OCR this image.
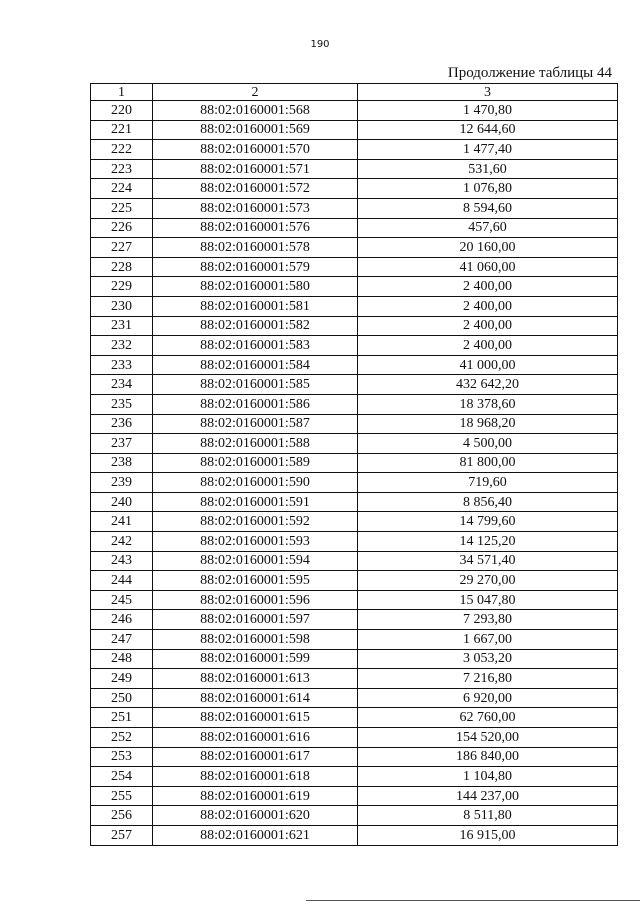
190
Продолжение таблицы 44
1	2	3
220	88:02:0160001:568	1 470,80
221	88:02:0160001:569	12 644,60
222	88:02:0160001:570	1 477,40
223	88:02:0160001:571	531,60
224	88:02:0160001:572	1 076,80
225	88:02:0160001:573	8 594,60
226	88:02:0160001:576	457,60
227	88:02:0160001:578	20 160,00
228	88:02:0160001:579	41 060,00
229	88:02:0160001:580	2 400,00
230	88:02:0160001:581	2 400,00
231	88:02:0160001:582	2 400,00
232	88:02:0160001:583	2 400,00
233	88:02:0160001:584	41 000,00
234	88:02:0160001:585	432 642,20
235	88:02:0160001:586	18 378,60
236	88:02:0160001:587	18 968,20
237	88:02:0160001:588	4 500,00
238	88:02:0160001:589	81 800,00
239	88:02:0160001:590	719,60
240	88:02:0160001:591	8 856,40
241	88:02:0160001:592	14 799,60
242	88:02:0160001:593	14 125,20
243	88:02:0160001:594	34 571,40
244	88:02:0160001:595	29 270,00
245	88:02:0160001:596	15 047,80
246	88:02:0160001:597	7 293,80
247	88:02:0160001:598	1 667,00
248	88:02:0160001:599	3 053,20
249	88:02:0160001:613	7 216,80
250	88:02:0160001:614	6 920,00
251	88:02:0160001:615	62 760,00
252	88:02:0160001:616	154 520,00
253	88:02:0160001:617	186 840,00
254	88:02:0160001:618	1 104,80
255	88:02:0160001:619	144 237,00
256	88:02:0160001:620	8 511,80
257	88:02:0160001:621	16 915,00
